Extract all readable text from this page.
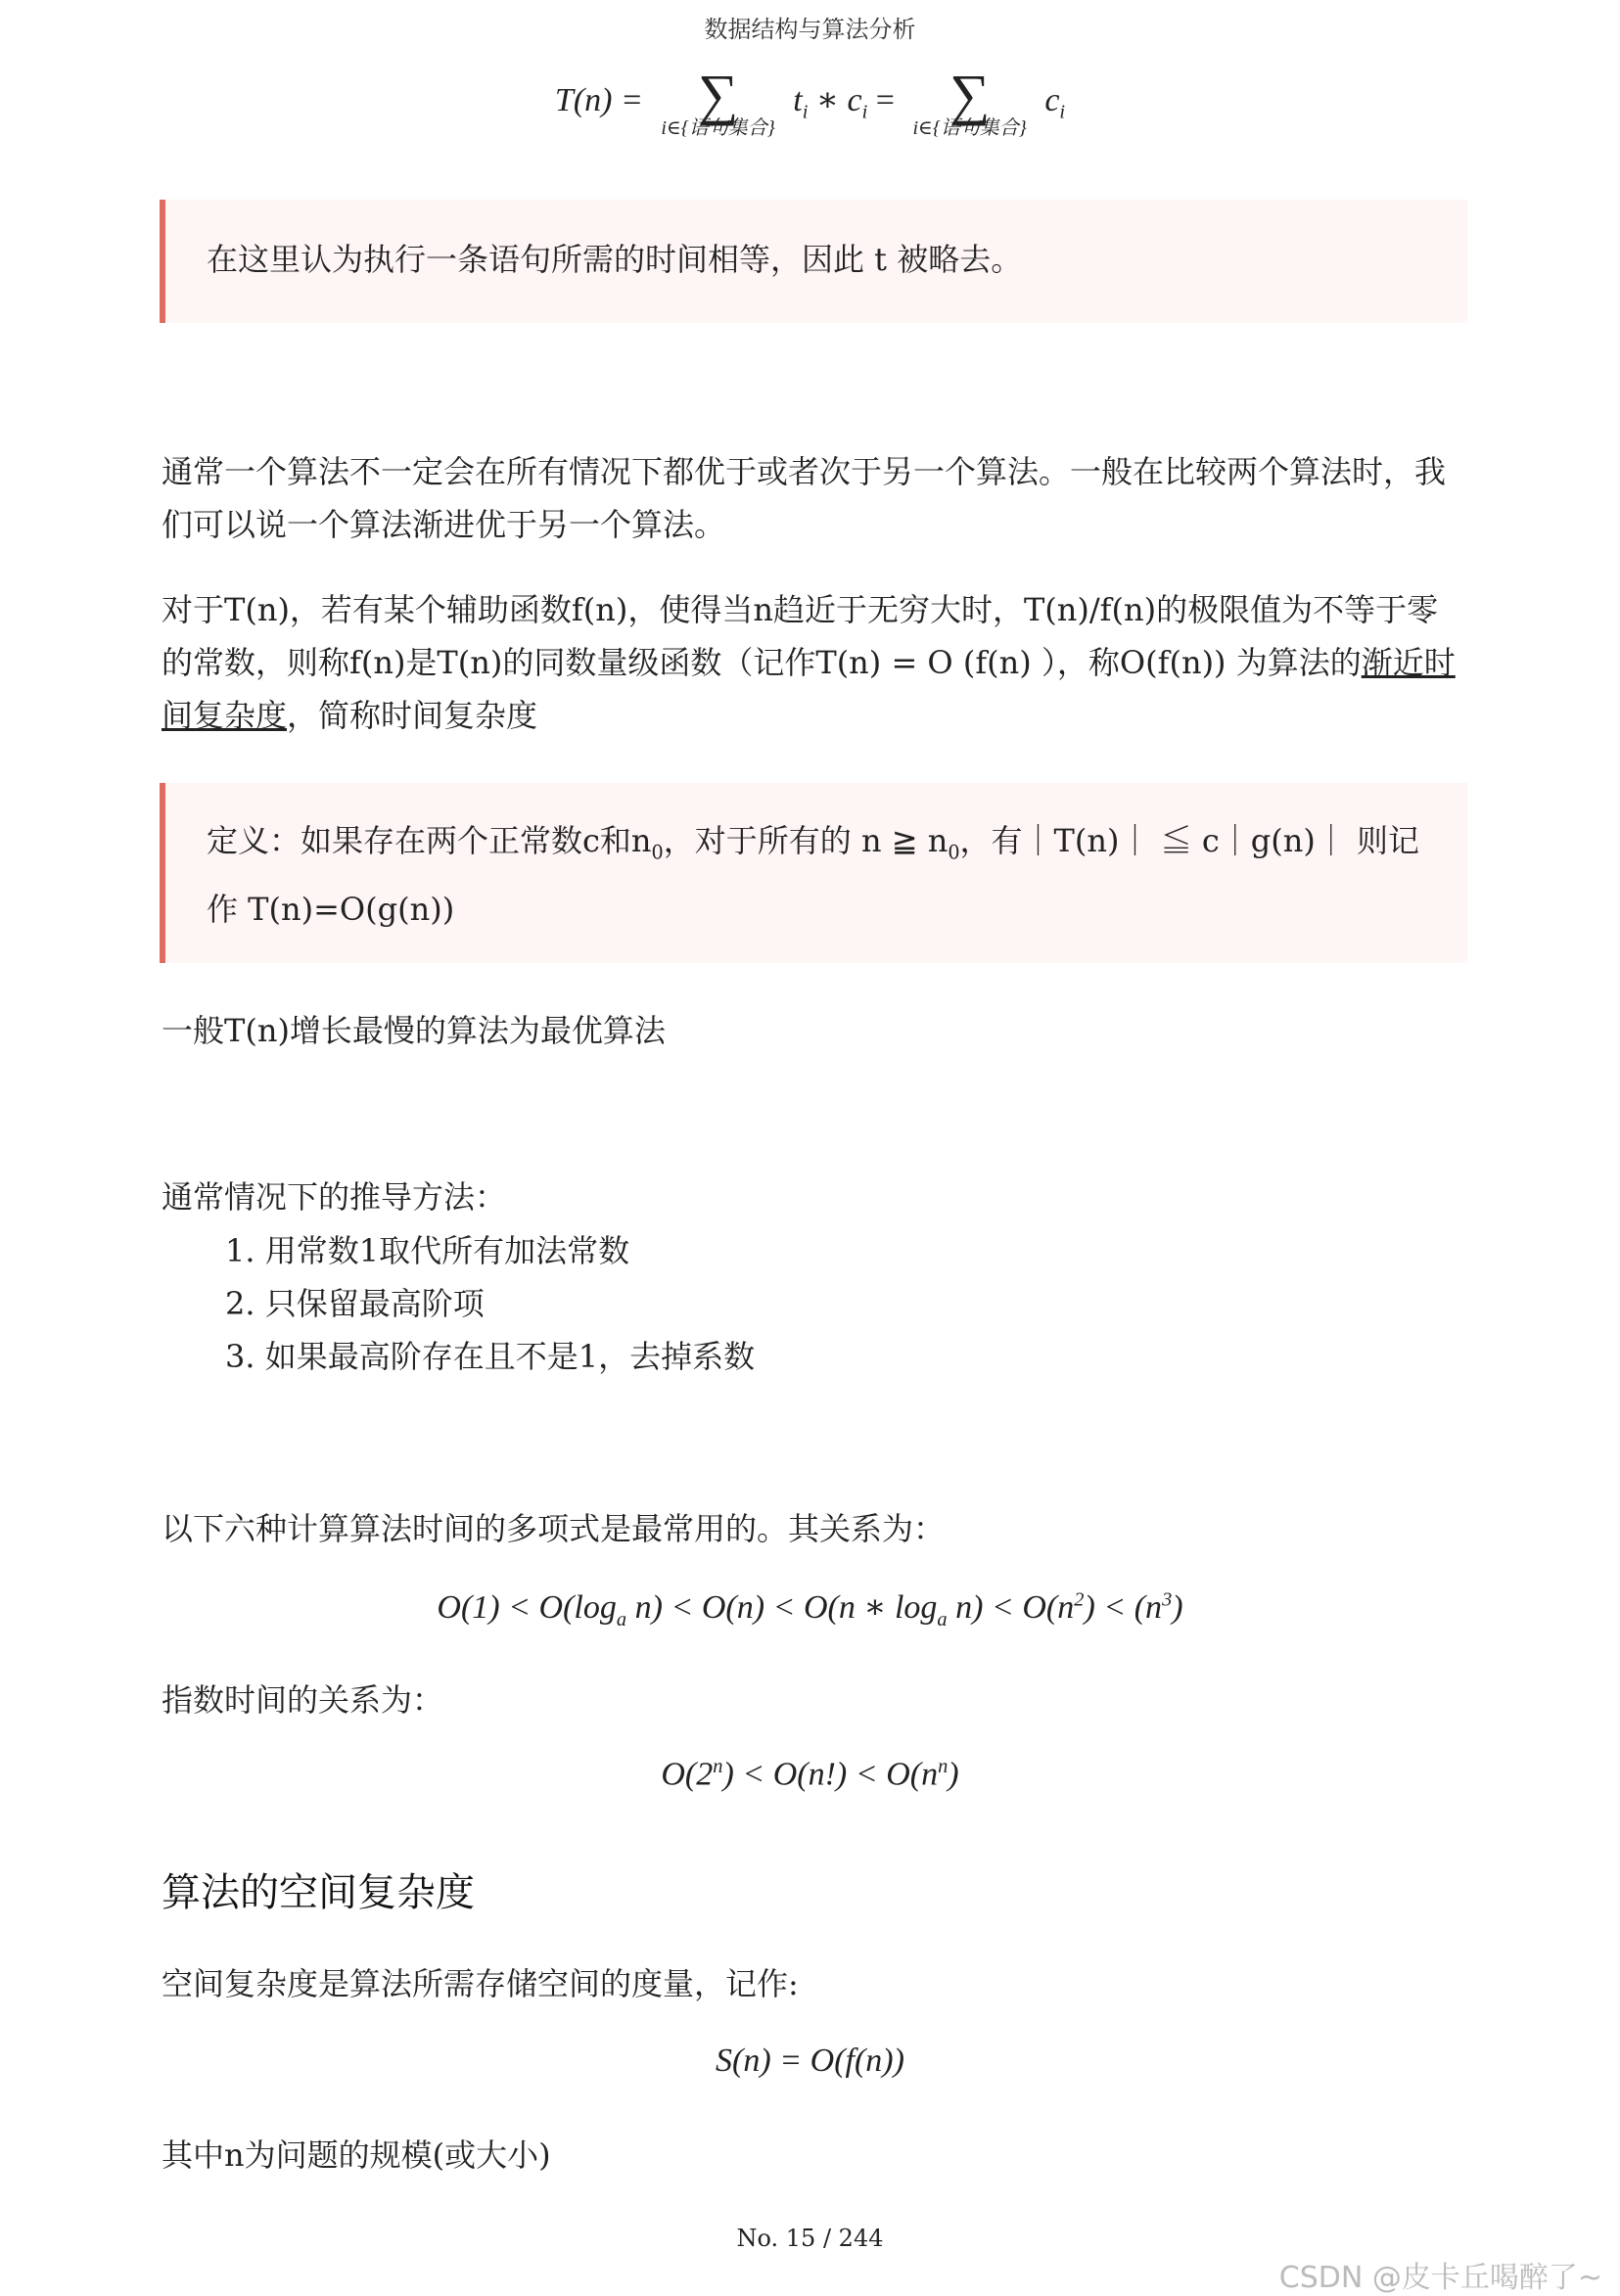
数据结构与算法分析
T(n) = ∑
i∈{语句集合}
$t_i$ ∗ $c_i$ = ∑
i∈{语句集合}
$c_i$
在这里认为执行一条语句所需的时间相等，因此 t 被略去。
通常一个算法不一定会在所有情况下都优于或者次于另一个算法。一般在比较两个算法时，我们可以说一个算法渐进优于另一个算法。
对于T(n)，若有某个辅助函数f(n)，使得当n趋近于无穷大时，T(n)/f(n)的极限值为不等于零的常数，则称f(n)是T(n)的同数量级函数（记作T(n) = O (f(n) ），称O(f(n)) 为算法的渐近时间复杂度，简称时间复杂度
定义：如果存在两个正常数c和$n_0$，对于所有的 n ≧ $n_0$，有｜T(n)｜ ≦ c｜g(n)｜ 则记作 T(n)=O(g(n))
一般T(n)增长最慢的算法为最优算法
通常情况下的推导方法：
1. 用常数1取代所有加法常数
2. 只保留最高阶项
3. 如果最高阶存在且不是1，去掉系数
以下六种计算算法时间的多项式是最常用的。其关系为：
$O(1) < O(\log_a$ n) < O(n) < O(n ∗ $\log_a n) < O(n^2) < (n^3)$
指数时间的关系为：
$O(2^n) < O(n!) < O(n^n)$
算法的空间复杂度
空间复杂度是算法所需存储空间的度量，记作:
S(n) = O(f(n))
其中n为问题的规模(或大小)
No. 15 / 244
CSDN @皮卡丘喝醉了~
